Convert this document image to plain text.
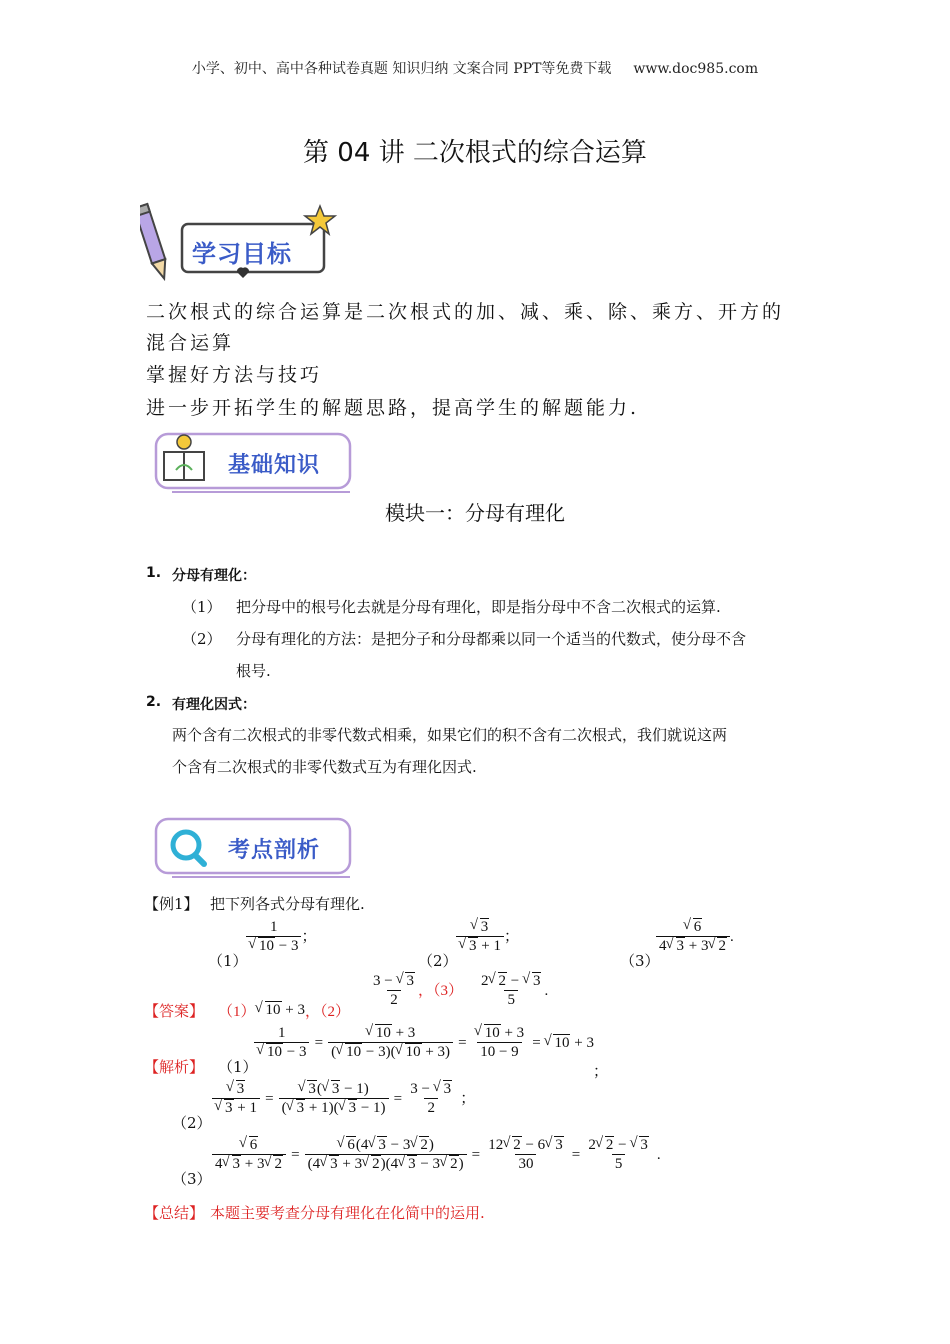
小学、初中、高中各种试卷真题 知识归纳 文案合同 PPT等免费下载 www.doc985.com
第 04 讲 二次根式的综合运算
学习目标
二次根式的综合运算是二次根式的加、减、乘、除、乘方、开方的
混合运算
掌握好方法与技巧
进一步开拓学生的解题思路，提高学生的解题能力.
基础知识
模块一：分母有理化
1. 分母有理化：
（1） 把分母中的根号化去就是分母有理化，即是指分母中不含二次根式的运算.
（2） 分母有理化的方法：是把分子和分母都乘以同一个适当的代数式，使分母不含
根号.
2. 有理化因式：
两个含有二次根式的非零代数式相乘，如果它们的积不含有二次根式，我们就说这两
个含有二次根式的非零代数式互为有理化因式.
考点剖析
【例1】 把下列各式分母有理化.
（1）
1
√ 10 − 3 ；
（2）
√ 3
√ 3 + 1 ；
（3）
√ $\frac{6}{4 √ 3 + 3 √ 2}$ .
【答案】 （1） √ 10 + 3，（2）
$\frac{3 - √ 3}{2}$ ，$(3) \frac{2 √ 2 - √ 3}{5}$ .
【解析】 （1）
1
√ 10 − 3 = √ $\frac{10 + 3}{( √ 10 - 3)( √ 10 + 3)}$ = √ $\frac{10 + 3}{10 - 9}$ = √ 10 + 3
；
（2）
√ 3
√ 3 + 1 = √ $\frac{3( √ 3 - 1)}{( √ 3 + 1)( √ 3 - 1)} = \frac{3 - √ 3}{2}$ ；
（3）
√ $\frac{6}{4 √ 3 + 3 √ 2}$ = √ $\frac{6(4 √ 3 - 3 √ 2)}{(4 √ 3 + 3 √ 2)(4 √ 3 - 3 √ 2)} = \frac{12 √ 2 - 6 √ 3}{30} = \frac{2 √ 2 - √ 3}{5}$ .
【总结】 本题主要考查分母有理化在化简中的运用.
